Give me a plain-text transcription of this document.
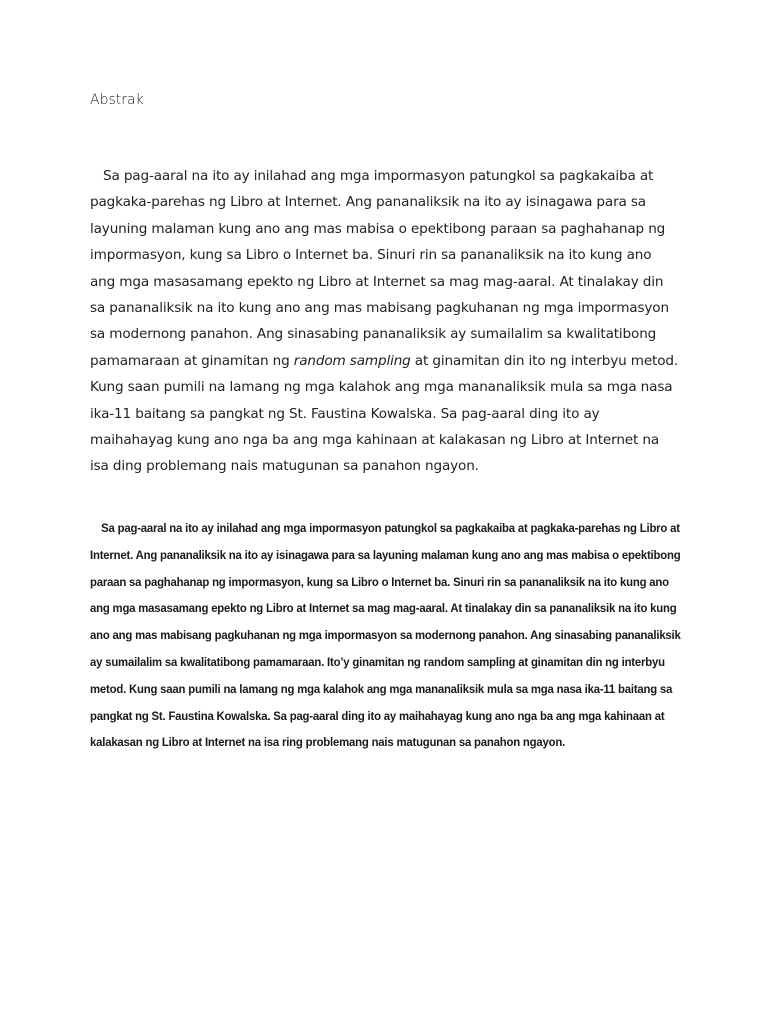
Abstrak

Sa pag-aaral na ito ay inilahad ang mga impormasyon patungkol sa pagkakaiba at pagkaka-parehas ng Libro at Internet. Ang pananaliksik na ito ay isinagawa para sa layuning malaman kung ano ang mas mabisa o epektibong paraan sa paghahanap ng impormasyon, kung sa Libro o Internet ba. Sinuri rin sa pananaliksik na ito kung ano ang mga masasamang epekto ng Libro at Internet sa mag mag-aaral. At tinalakay din sa pananaliksik na ito kung ano ang mas mabisang pagkuhanan ng mga impormasyon sa modernong panahon. Ang sinasabing pananaliksik ay sumailalim sa kwalitatibong pamamaraan at ginamitan ng random sampling at ginamitan din ito ng interbyu metod. Kung saan pumili na lamang ng mga kalahok ang mga mananaliksik mula sa mga nasa ika-11 baitang sa pangkat ng St. Faustina Kowalska. Sa pag-aaral ding ito ay maihahayag kung ano nga ba ang mga kahinaan at kalakasan ng Libro at Internet na isa ding problemang nais matugunan sa panahon ngayon.

Sa pag-aaral na ito ay inilahad ang mga impormasyon patungkol sa pagkakaiba at pagkaka-parehas ng Libro at Internet. Ang pananaliksik na ito ay isinagawa para sa layuning malaman kung ano ang mas mabisa o epektibong paraan sa paghahanap ng impormasyon, kung sa Libro o Internet ba. Sinuri rin sa pananaliksik na ito kung ano ang mga masasamang epekto ng Libro at Internet sa mag mag-aaral. At tinalakay din sa pananaliksik na ito kung ano ang mas mabisang pagkuhanan ng mga impormasyon sa modernong panahon. Ang sinasabing pananaliksik ay sumailalim sa kwalitatibong pamamaraan. Ito’y ginamitan ng random sampling at ginamitan din ng interbyu metod. Kung saan pumili na lamang ng mga kalahok ang mga mananaliksik mula sa mga nasa ika-11 baitang sa pangkat ng St. Faustina Kowalska. Sa pag-aaral ding ito ay maihahayag kung ano nga ba ang mga kahinaan at kalakasan ng Libro at Internet na isa ring problemang nais matugunan sa panahon ngayon.
